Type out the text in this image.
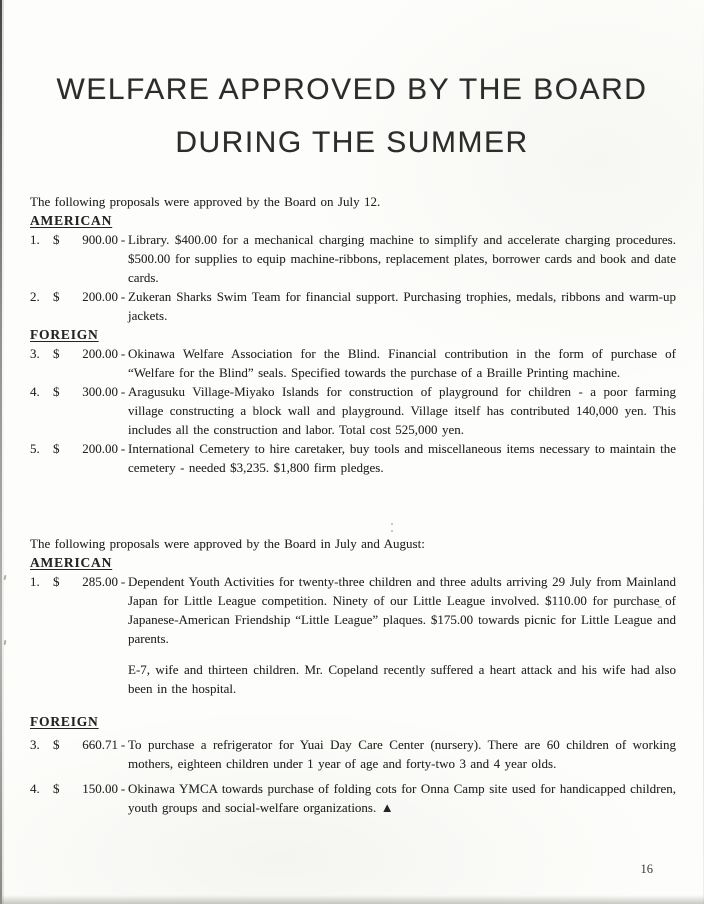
WELFARE APPROVED BY THE BOARD
DURING THE SUMMER

The following proposals were approved by the Board on July 12.

AMERICAN
1.	$	900.00 - Library. $400.00 for a mechanical charging machine to simplify and accelerate charging procedures. $500.00 for supplies to equip machine-ribbons, replacement plates, borrower cards and book and date cards.

2.	$	200.00 - Zukeran Sharks Swim Team for financial support. Purchasing trophies, medals, ribbons and warm-up jackets.

FOREIGN
3.	$	200.00 - Okinawa Welfare Association for the Blind. Financial contribution in the form of purchase of “Welfare for the Blind” seals. Specified towards the purchase of a Braille Printing machine.

4.	$	300.00 - Aragusuku Village-Miyako Islands for construction of playground for children - a poor farming village constructing a block wall and playground. Village itself has contributed 140,000 yen. This includes all the construction and labor. Total cost 525,000 yen.

5.	$	200.00 - International Cemetery to hire caretaker, buy tools and miscellaneous items necessary to maintain the cemetery - needed $3,235. $1,800 firm pledges.

The following proposals were approved by the Board in July and August:

AMERICAN
1.	$	285.00 - Dependent Youth Activities for twenty-three children and three adults arriving 29 July from Mainland Japan for Little League competition. Ninety of our Little League involved. $110.00 for purchase of Japanese-American Friendship “Little League” plaques. $175.00 towards picnic for Little League and parents.

E-7, wife and thirteen children. Mr. Copeland recently suffered a heart attack and his wife had also been in the hospital.

FOREIGN
3.	$	660.71 - To purchase a refrigerator for Yuai Day Care Center (nursery). There are 60 children of working mothers, eighteen children under 1 year of age and forty-two 3 and 4 year olds.

4.	$	150.00 - Okinawa YMCA towards purchase of folding cots for Onna Camp site used for handicapped children, youth groups and social-welfare organizations. ▲

16
